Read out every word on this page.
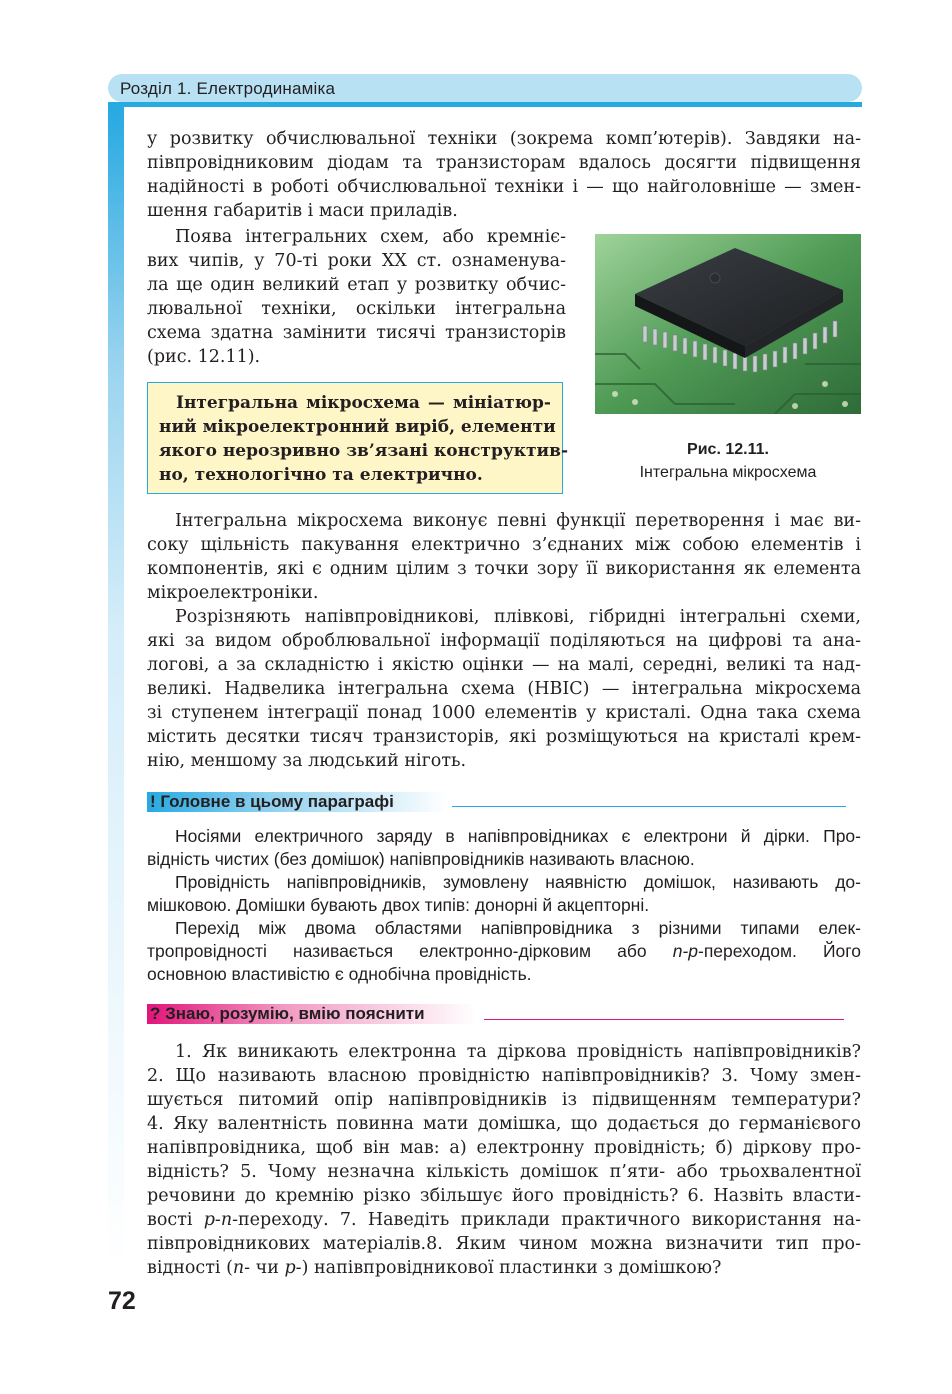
Розділ 1. Електродинаміка
у розвитку обчислювальної техніки (зокрема комп’ютерів). Завдяки на-
півпровідниковим діодам та транзисторам вдалось досягти підвищення
надійності в роботі обчислювальної техніки і — що найголовніше — змен-
шення габаритів і маси приладів.
Поява інтегральних схем, або кремніє-
вих чипів, у 70-ті роки XX ст. ознаменува-
ла ще один великий етап у розвитку обчис-
лювальної техніки, оскільки інтегральна
схема здатна замінити тисячі транзисторів
(рис. 12.11).
Рис. 12.11.
Інтегральна мікросхема
Інтегральна мікросхема — мініатюр-
ний мікроелектронний виріб, елементи
якого нерозривно зв’язані конструктив-
но, технологічно та електрично.
Інтегральна мікросхема виконує певні функції перетворення і має ви-
соку щільність пакування електрично з’єднаних між собою елементів і
компонентів, які є одним цілим з точки зору її використання як елемента
мікроелектроніки.
Розрізняють напівпровідникові, плівкові, гібридні інтегральні схеми,
які за видом оброблювальної інформації поділяються на цифрові та ана-
логові, а за складністю і якістю оцінки — на малі, середні, великі та над-
великі. Надвелика інтегральна схема (НВІС) — інтегральна мікросхема
зі ступенем інтеграції понад 1000 елементів у кристалі. Одна така схема
містить десятки тисяч транзисторів, які розміщуються на кристалі крем-
нію, меншому за людський ніготь.
! Головне в цьому параграфі
Носіями електричного заряду в напівпровідниках є електрони й дірки. Про-
відність чистих (без домішок) напівпровідників називають власною.
Провідність напівпровідників, зумовлену наявністю домішок, називають до-
мішковою. Домішки бувають двох типів: донорні й акцепторні.
Перехід між двома областями напівпровідника з різними типами елек-
тропровідності називається електронно-дірковим або n-p-переходом. Його
основною властивістю є однобічна провідність.
? Знаю, розумію, вмію пояснити
1. Як виникають електронна та діркова провідність напівпровідників?
2. Що називають власною провідністю напівпровідників? 3. Чому змен-
шується питомий опір напівпровідників із підвищенням температури?
4. Яку валентність повинна мати домішка, що додається до германієвого
напівпровідника, щоб він мав: а) електронну провідність; б) діркову про-
відність? 5. Чому незначна кількість домішок п’яти- або трьохвалентної
речовини до кремнію різко збільшує його провідність? 6. Назвіть власти-
вості p-n-переходу. 7. Наведіть приклади практичного використання на-
півпровідникових матеріалів.8. Яким чином можна визначити тип про-
відності (n- чи p-) напівпровідникової пластинки з домішкою?
72
